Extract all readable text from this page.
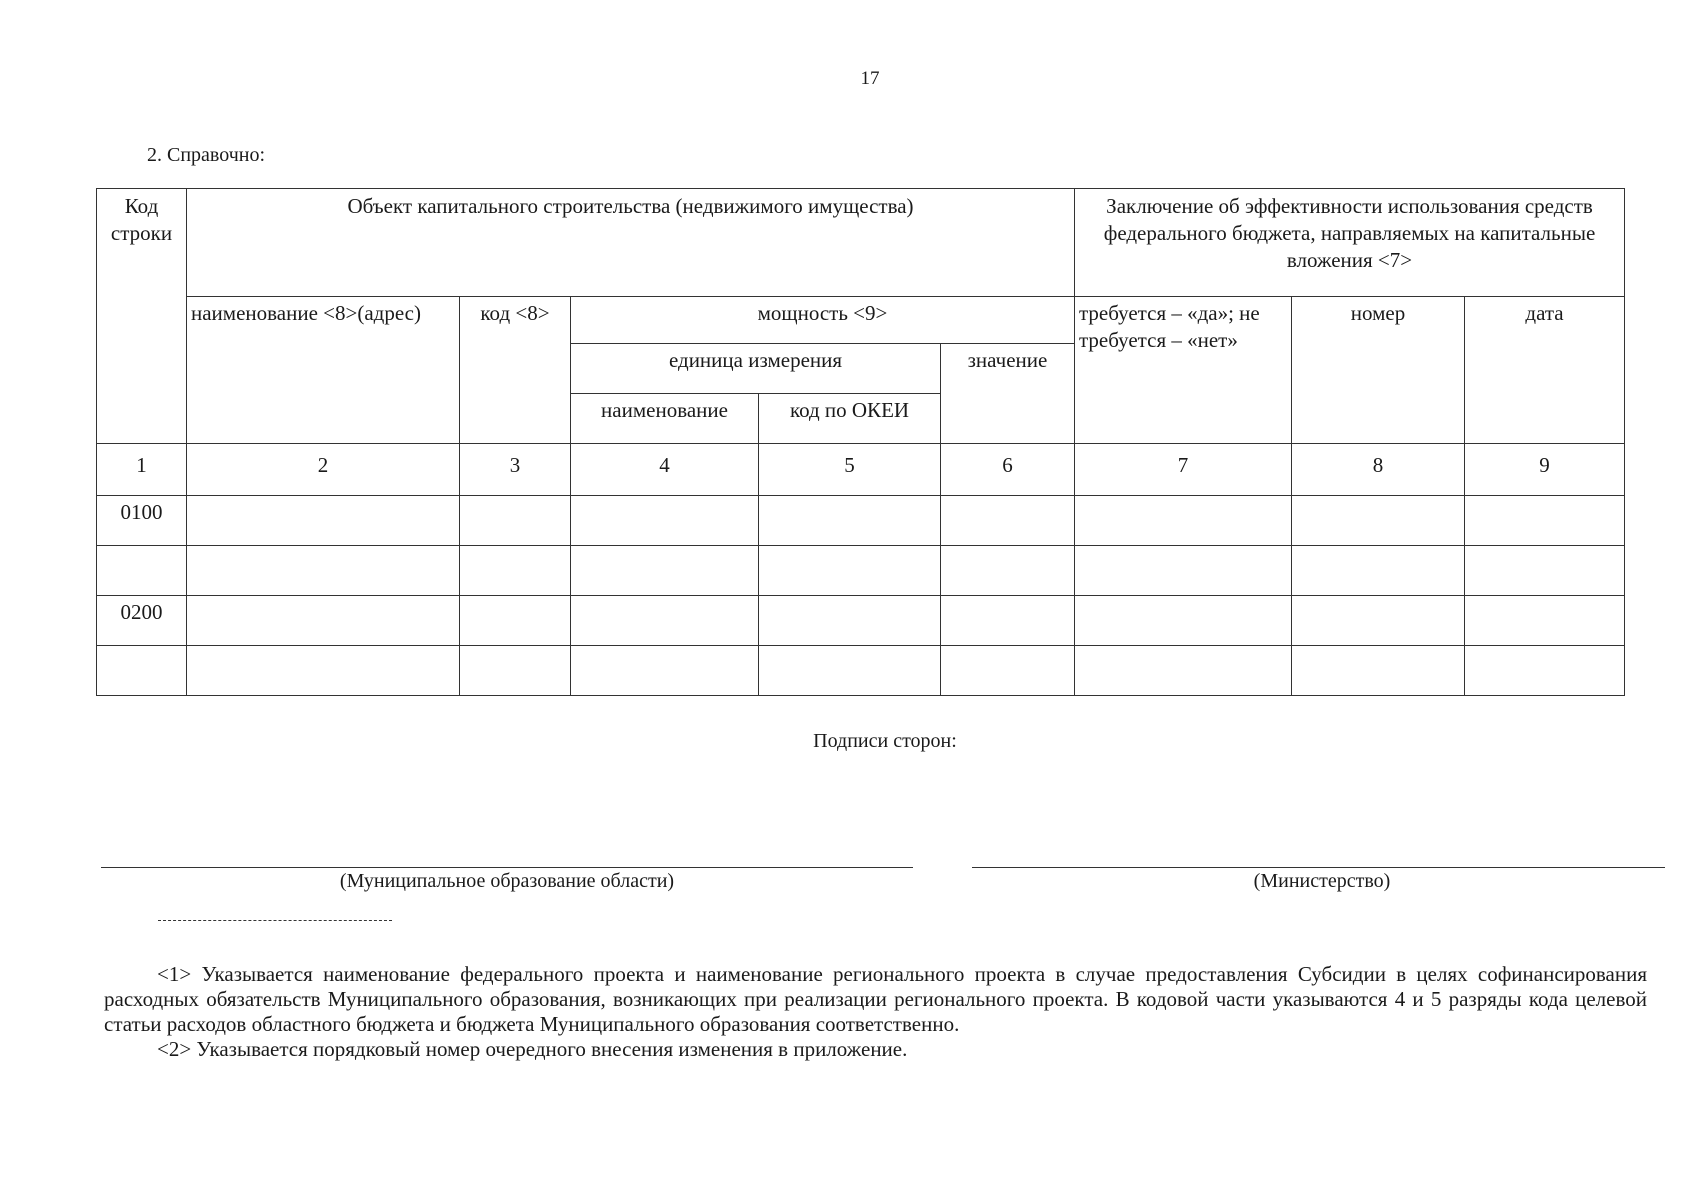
17
2. Справочно:
Код строки	Объект капитального строительства (недвижимого имущества)					Заключение об эффективности использования средств федерального бюджета, направляемых на капитальные вложения <7>		
	наименование <8>(адрес)	код <8>	мощность <9>			требуется – «да»; не требуется – «нет»	номер	дата
			единица измерения		значение			
			наименование	код по ОКЕИ				
1	2	3	4	5	6	7	8	9
0100								

0200								

Подписи сторон:
(Муниципальное образование области)	(Министерство)

<1> Указывается наименование федерального проекта и наименование регионального проекта в случае предоставления Субсидии в целях софинансирования расходных обязательств Муниципального образования, возникающих при реализации регионального проекта. В кодовой части указываются 4 и 5 разряды кода целевой статьи расходов областного бюджета и бюджета Муниципального образования соответственно.

<2> Указывается порядковый номер очередного внесения изменения в приложение.
